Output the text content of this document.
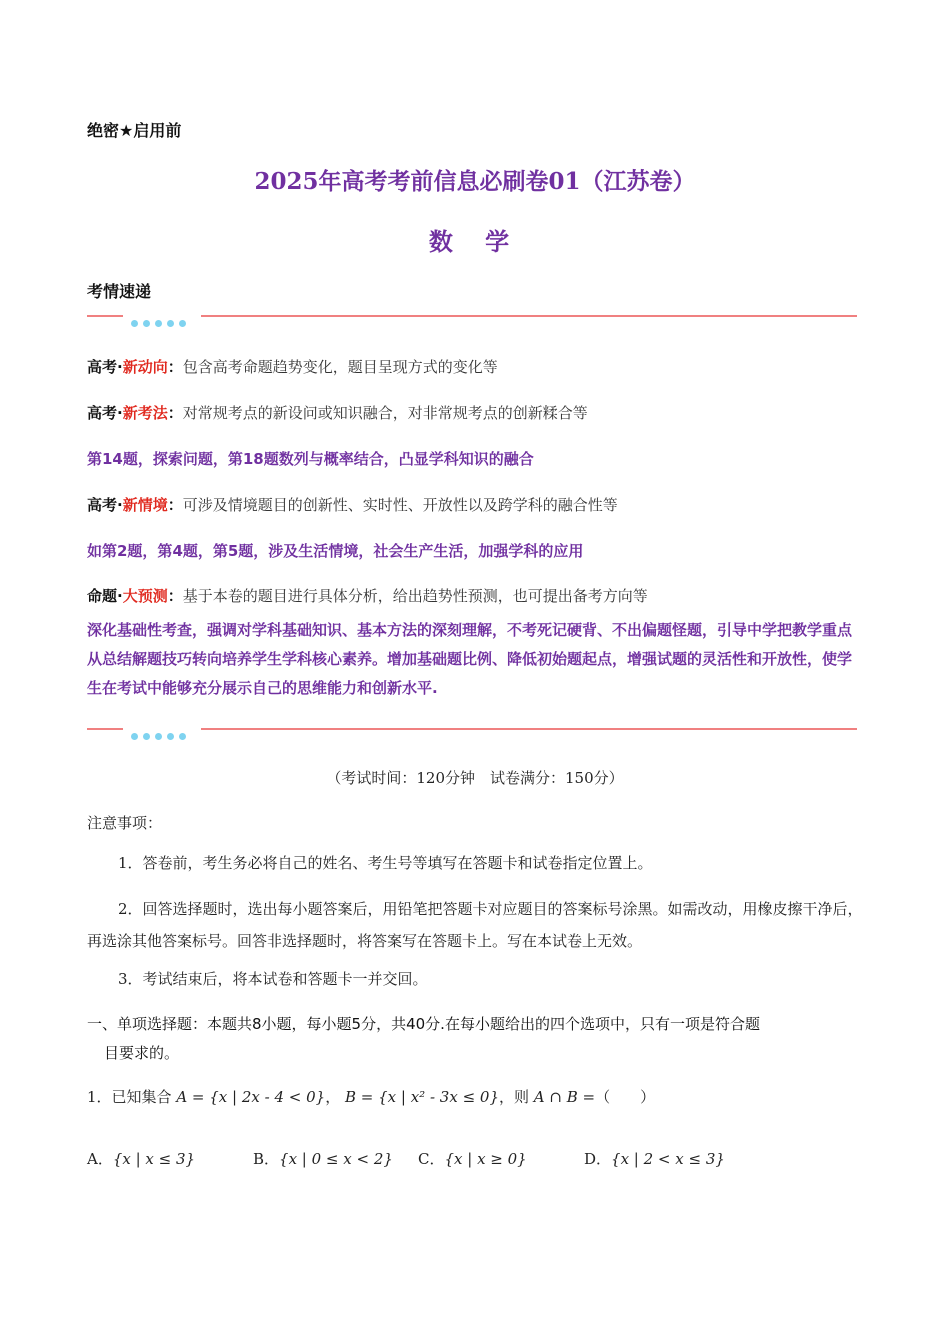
绝密★启用前
2025年高考考前信息必刷卷01（江苏卷）
数 学
考情速递
高考·新动向：包含高考命题趋势变化，题目呈现方式的变化等
高考·新考法：对常规考点的新设问或知识融合，对非常规考点的创新糅合等
第14题，探索问题，第18题数列与概率结合，凸显学科知识的融合
高考·新情境：可涉及情境题目的创新性、实时性、开放性以及跨学科的融合性等
如第2题，第4题，第5题，涉及生活情境，社会生产生活，加强学科的应用
命题·大预测：基于本卷的题目进行具体分析，给出趋势性预测，也可提出备考方向等
深化基础性考查，强调对学科基础知识、基本方法的深刻理解，不考死记硬背、不出偏题怪题，引导中学把教学重点从总结解题技巧转向培养学生学科核心素养。增加基础题比例、降低初始题起点，增强试题的灵活性和开放性，使学生在考试中能够充分展示自己的思维能力和创新水平.
（考试时间：120分钟　试卷满分：150分）
注意事项：
1．答卷前，考生务必将自己的姓名、考生号等填写在答题卡和试卷指定位置上。
2．回答选择题时，选出每小题答案后，用铅笔把答题卡对应题目的答案标号涂黑。如需改动，用橡皮擦干净后，再选涂其他答案标号。回答非选择题时，将答案写在答题卡上。写在本试卷上无效。
3．考试结束后，将本试卷和答题卡一并交回。
一、单项选择题：本题共8小题，每小题5分，共40分.在每小题给出的四个选项中，只有一项是符合题
目要求的。
1．已知集合 A = {x | 2x - 4 < 0}， B = {x | x² - 3x ≤ 0}，则 A ∩ B =（　　）
A．{x | x ≤ 3}	B．{x | 0 ≤ x < 2} C．{x | x ≥ 0}	D．{x | 2 < x ≤ 3}
